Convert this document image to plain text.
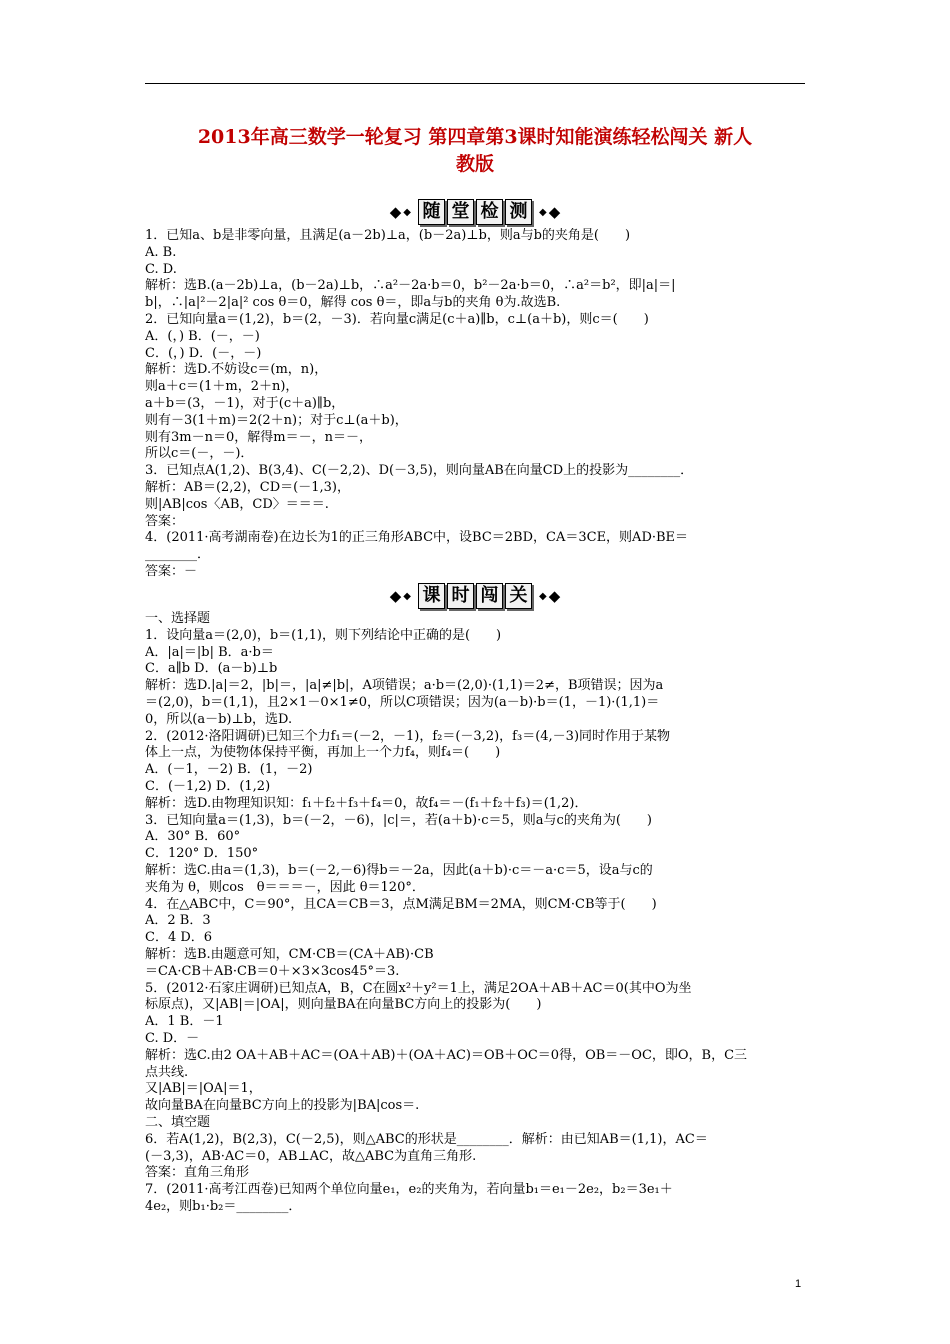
2013年高三数学一轮复习 第四章第3课时知能演练轻松闯关 新人
教版
◆ ◆ 随 堂 检 测	◆ ◆
1．已知a、b是非零向量，且满足(a－2b)⊥a，(b－2a)⊥b，则a与b的夹角是(　　)
A. B.
C. D.
解析：选B.(a－2b)⊥a，(b－2a)⊥b，∴a²－2a·b＝0，b²－2a·b＝0，∴a²＝b²，即|a|＝|
b|，∴|a|²－2|a|² cos θ＝0，解得 cos θ＝，即a与b的夹角 θ为.故选B.
2．已知向量a＝(1,2)，b＝(2，－3)．若向量c满足(c＋a)∥b，c⊥(a＋b)，则c＝(　　)
A．(，) B．(－，－)
C．(，) D．(－，－)
解析：选D.不妨设c＝(m，n)，
则a＋c＝(1＋m，2＋n)，
a＋b＝(3，－1)，对于(c＋a)∥b，
则有－3(1＋m)＝2(2＋n)；对于c⊥(a＋b)，
则有3m－n＝0，解得m＝－，n＝－，
所以c＝(－，－)．
3．已知点A(1,2)、B(3,4)、C(－2,2)、D(－3,5)，则向量AB在向量CD上的投影为________．
解析：AB＝(2,2)，CD＝(－1,3)，
则|AB|cos〈AB，CD〉＝＝＝.
答案：
4．(2011·高考湖南卷)在边长为1的正三角形ABC中，设BC＝2BD，CA＝3CE，则AD·BE＝
________．
答案：－
◆ ◆ 课 时 闯 关	◆ ◆
一、选择题
1．设向量a＝(2,0)，b＝(1,1)，则下列结论中正确的是(　　)
A．|a|＝|b| B．a·b＝
C．a∥b D．(a－b)⊥b
解析：选D.|a|＝2，|b|＝，|a|≠|b|，A项错误；a·b＝(2,0)·(1,1)＝2≠，B项错误；因为a
＝(2,0)，b＝(1,1)，且2×1－0×1≠0，所以C项错误；因为(a－b)·b＝(1，－1)·(1,1)＝
0，所以(a－b)⊥b，选D.
2．(2012·洛阳调研)已知三个力f₁＝(－2，－1)，f₂＝(－3,2)，f₃＝(4,－3)同时作用于某物
体上一点，为使物体保持平衡，再加上一个力f₄，则f₄＝(　　)
A．(－1，－2) B．(1，－2)
C．(－1,2) D．(1,2)
解析：选D.由物理知识知：f₁＋f₂＋f₃＋f₄＝0，故f₄＝－(f₁＋f₂＋f₃)＝(1,2)．
3．已知向量a＝(1,3)，b＝(－2，－6)，|c|＝，若(a＋b)·c＝5，则a与c的夹角为(　　)
A．30° B．60°
C．120° D．150°
解析：选C.由a＝(1,3)，b＝(－2,－6)得b＝－2a，因此(a＋b)·c＝－a·c＝5，设a与c的
夹角为 θ，则cos　θ＝＝＝－，因此 θ＝120°．
4．在△ABC中，C＝90°，且CA＝CB＝3，点M满足BM＝2MA，则CM·CB等于(　　)
A．2 B．3
C．4 D．6
解析：选B.由题意可知，CM·CB＝(CA＋AB)·CB
＝CA·CB＋AB·CB＝0＋×3×3cos45°＝3.
5．(2012·石家庄调研)已知点A，B，C在圆x²＋y²＝1上，满足2OA＋AB＋AC＝0(其中O为坐
标原点)，又|AB|＝|OA|，则向量BA在向量BC方向上的投影为(　　)
A．1 B．－1
C. D．－
解析：选C.由2 OA＋AB＋AC＝(OA＋AB)＋(OA＋AC)＝OB＋OC＝0得，OB＝－OC，即O，B，C三
点共线.
又|AB|＝|OA|＝1，
故向量BA在向量BC方向上的投影为|BA|cos＝.
二、填空题
6．若A(1,2)，B(2,3)，C(－2,5)，则△ABC的形状是________．解析：由已知AB＝(1,1)，AC＝
(－3,3)，AB·AC＝0，AB⊥AC，故△ABC为直角三角形.
答案：直角三角形
7．(2011·高考江西卷)已知两个单位向量e₁，e₂的夹角为，若向量b₁＝e₁－2e₂，b₂＝3e₁＋
4e₂，则b₁·b₂＝________．
1
